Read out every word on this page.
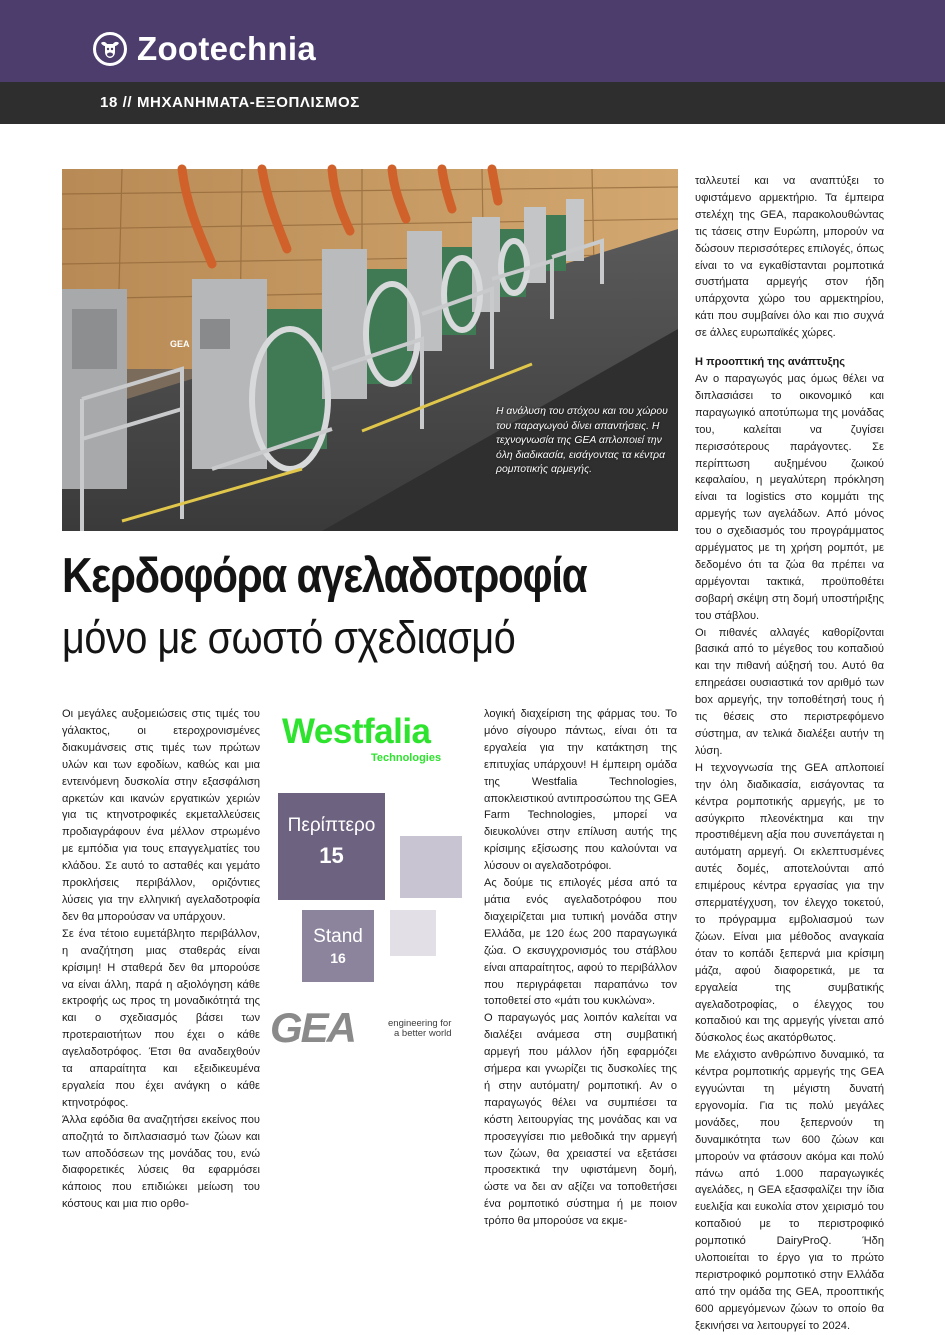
Zootechnia
18 // ΜΗΧΑΝΗΜΑΤΑ-ΕΞΟΠΛΙΣΜΟΣ
GEA
Η ανάλυση του στόχου και του χώρου του παραγωγού δίνει απαντήσεις. Η τεχνογνωσία της GEA απλοποιεί την όλη διαδικασία, εισάγοντας τα κέντρα ρομποτικής αρμεγής.
Κερδοφόρα αγελαδοτροφία
μόνο με σωστό σχεδιασμό

Οι μεγάλες αυξομειώσεις στις τιμές του γάλακτος, οι ετεροχρονισμένες διακυμάνσεις στις τιμές των πρώτων υλών και των εφοδίων, καθώς και μια εντεινόμενη δυσκολία στην εξασφάλιση αρκετών και ικανών εργατικών χεριών για τις κτηνοτροφικές εκμεταλλεύσεις προδιαγράφουν ένα μέλλον στρωμένο με εμπόδια για τους επαγγελματίες του κλάδου. Σε αυτό το ασταθές και γεμάτο προκλήσεις περιβάλλον, οριζόντιες λύσεις για την ελληνική αγελαδοτροφία δεν θα μπορούσαν να υπάρχουν.

Σε ένα τέτοιο ευμετάβλητο περιβάλλον, η αναζήτηση μιας σταθεράς είναι κρίσιμη! Η σταθερά δεν θα μπορούσε να είναι άλλη, παρά η αξιολόγηση κάθε εκτροφής ως προς τη μοναδικότητά της και ο σχεδιασμός βάσει των προτεραιοτήτων που έχει ο κάθε αγελαδοτρόφος. Έτσι θα αναδειχθούν τα απαραίτητα και εξειδικευμένα εργαλεία που έχει ανάγκη ο κάθε κτηνοτρόφος.

Άλλα εφόδια θα αναζητήσει εκείνος που αποζητά το διπλασιασμό των ζώων και των αποδόσεων της μονάδας του, ενώ διαφορετικές λύσεις θα εφαρμόσει κάποιος που επιδιώκει μείωση του κόστους και μια πιο ορθο-

Westfalia
Technologies
Περίπτερο
15
Stand
16
GEA	engineering for
a better world

λογική διαχείριση της φάρμας του. Το μόνο σίγουρο πάντως, είναι ότι τα εργαλεία για την κατάκτηση της επιτυχίας υπάρχουν! Η έμπειρη ομάδα της Westfalia Technologies, αποκλειστικού αντιπροσώπου της GEA Farm Technologies, μπορεί να διευκολύνει στην επίλυση αυτής της κρίσιμης εξίσωσης που καλούνται να λύσουν οι αγελαδοτρόφοι.

Ας δούμε τις επιλογές μέσα από τα μάτια ενός αγελαδοτρόφου που διαχειρίζεται μια τυπική μονάδα στην Ελλάδα, με 120 έως 200 παραγωγικά ζώα. Ο εκσυγχρονισμός του στάβλου είναι απαραίτητος, αφού το περιβάλλον που περιγράφεται παραπάνω τον τοποθετεί στο «μάτι του κυκλώνα».

Ο παραγωγός μας λοιπόν καλείται να διαλέξει ανάμεσα στη συμβατική αρμεγή που μάλλον ήδη εφαρμόζει σήμερα και γνωρίζει τις δυσκολίες της ή στην αυτόματη/ ρομποτική. Αν ο παραγωγός θέλει να συμπιέσει τα κόστη λειτουργίας της μονάδας και να προσεγγίσει πιο μεθοδικά την αρμεγή των ζώων, θα χρειαστεί να εξετάσει προσεκτικά την υφιστάμενη δομή, ώστε να δει αν αξίζει να τοποθετήσει ένα ρομποτικό σύστημα ή με ποιον τρόπο θα μπορούσε να εκμε-

ταλλευτεί και να αναπτύξει το υφιστάμενο αρμεκτήριο. Τα έμπειρα στελέχη της GEA, παρακολουθώντας τις τάσεις στην Ευρώπη, μπορούν να δώσουν περισσότερες επιλογές, όπως είναι το να εγκαθίστανται ρομποτικά συστήματα αρμεγής στον ήδη υπάρχοντα χώρο του αρμεκτηρίου, κάτι που συμβαίνει όλο και πιο συχνά σε άλλες ευρωπαϊκές χώρες.

Η προοπτική της ανάπτυξης

Αν ο παραγωγός μας όμως θέλει να διπλασιάσει το οικονομικό και παραγωγικό αποτύπωμα της μονάδας του, καλείται να ζυγίσει περισσότερους παράγοντες. Σε περίπτωση αυξημένου ζωικού κεφαλαίου, η μεγαλύτερη πρόκληση είναι τα logistics στο κομμάτι της αρμεγής των αγελάδων. Από μόνος του ο σχεδιασμός του προγράμματος αρμέγματος με τη χρήση ρομπότ, με δεδομένο ότι τα ζώα θα πρέπει να αρμέγονται τακτικά, προϋποθέτει σοβαρή σκέψη στη δομή υποστήριξης του στάβλου.

Οι πιθανές αλλαγές καθορίζονται βασικά από το μέγεθος του κοπαδιού και την πιθανή αύξησή του. Αυτό θα επηρεάσει ουσιαστικά τον αριθμό των box αρμεγής, την τοποθέτησή τους ή τις θέσεις στο περιστρεφόμενο σύστημα, αν τελικά διαλέξει αυτήν τη λύση.

Η τεχνογνωσία της GEA απλοποιεί την όλη διαδικασία, εισάγοντας τα κέντρα ρομποτικής αρμεγής, με το ασύγκριτο πλεονέκτημα και την προστιθέμενη αξία που συνεπάγεται η αυτόματη αρμεγή. Οι εκλεπτυσμένες αυτές δομές, αποτελούνται από επιμέρους κέντρα εργασίας για την σπερματέγχυση, τον έλεγχο τοκετού, το πρόγραμμα εμβολιασμού των ζώων. Είναι μια μέθοδος αναγκαία όταν το κοπάδι ξεπερνά μια κρίσιμη μάζα, αφού διαφορετικά, με τα εργαλεία της συμβατικής αγελαδοτροφίας, ο έλεγχος του κοπαδιού και της αρμεγής γίνεται από δύσκολος έως ακατόρθωτος.

Με ελάχιστο ανθρώπινο δυναμικό, τα κέντρα ρομποτικής αρμεγής της GEA εγγυώνται τη μέγιστη δυνατή εργονομία. Για τις πολύ μεγάλες μονάδες, που ξεπερνούν τη δυναμικότητα των 600 ζώων και μπορούν να φτάσουν ακόμα και πολύ πάνω από 1.000 παραγωγικές αγελάδες, η GEA εξασφαλίζει την ίδια ευελιξία και ευκολία στον χειρισμό του κοπαδιού με το περιστροφικό ρομποτικό DairyProQ. Ήδη υλοποιείται το έργο για το πρώτο περιστροφικό ρομποτικό στην Ελλάδα από την ομάδα της GEA, προοπτικής 600 αρμεγόμενων ζώων το οποίο θα ξεκινήσει να λειτουργεί το 2024.
